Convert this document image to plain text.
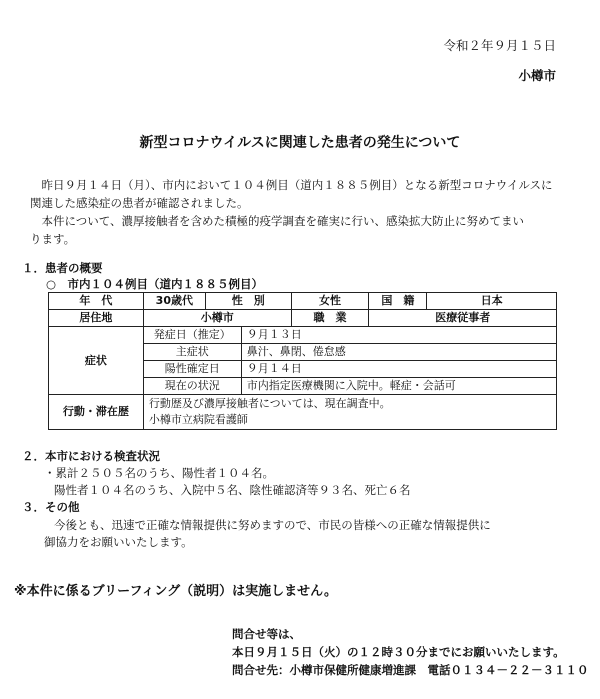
令和２年９月１５日
小樽市
新型コロナウイルスに関連した患者の発生について

昨日９月１４日（月）、市内において１０４例目（道内１８８５例目）となる新型コロナウイルスに

関連した感染症の患者が確認されました。

本件について、濃厚接触者を含めた積極的疫学調査を確実に行い、感染拡大防止に努めてまい

ります。

１．患者の概要
○　市内１０４例目（道内１８８５例目）
年　代	30歳代	性　別		女性	国　籍	日本
居住地	小樽市			職　業	医療従事者	
症状	発症日（推定）		９月１３日			
	主症状		鼻汁、鼻閉、倦怠感			
	陽性確定日		９月１４日			
	現在の状況		市内指定医療機関に入院中。軽症・会話可			
行動・滞在歴	行動歴及び濃厚接触者については、現在調査中。
小樽市立病院看護師					
２．本市における検査状況
・累計２５０５名のうち、陽性者１０４名。
陽性者１０４名のうち、入院中５名、陰性確認済等９３名、死亡６名
３．その他
今後とも、迅速で正確な情報提供に努めますので、市民の皆様への正確な情報提供に
御協力をお願いいたします。
※本件に係るブリーフィング（説明）は実施しません。
問合せ等は、
本日９月１５日（火）の１２時３０分までにお願いいたします。
問合せ先：小樽市保健所健康増進課　電話０１３４－２２－３１１０
